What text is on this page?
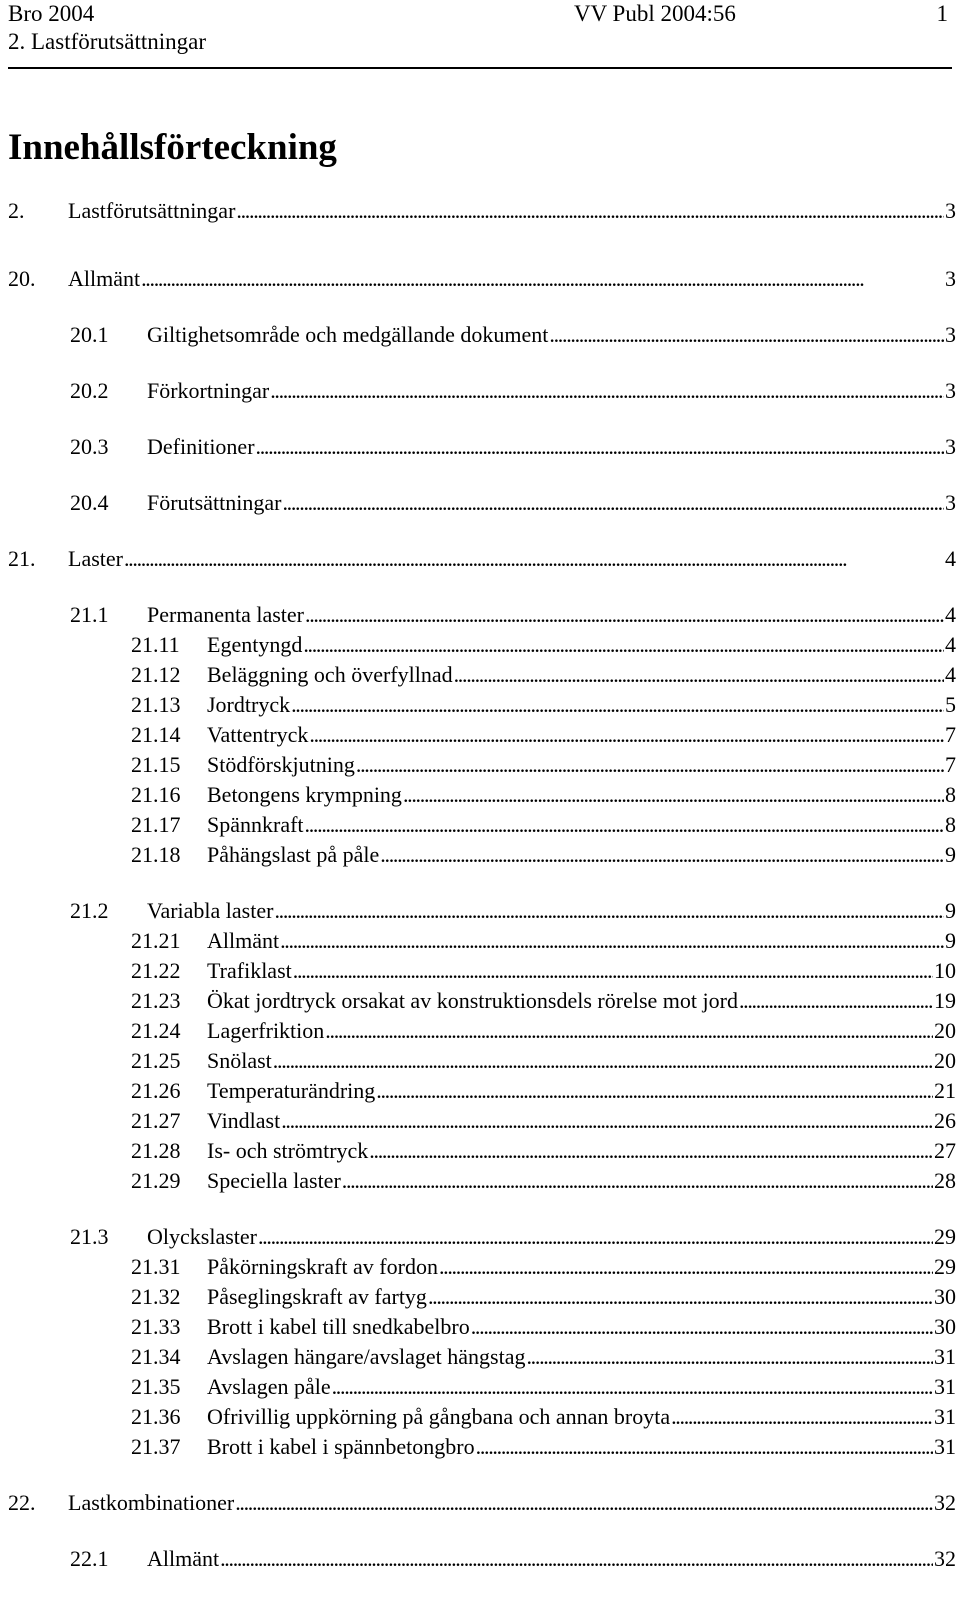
Bro 2004
2. Lastförutsättningar
VV Publ 2004:56	1
Innehållsförteckning
2.	Lastförutsättningar . . .	3
20.	Allmänt . . .	3
20.1	Giltighetsområde och medgällande dokument . . .	3
20.2	Förkortningar . . .	3
20.3	Definitioner . . .	3
20.4	Förutsättningar . . .	3
21.	Laster . . .	4
21.1	Permanenta laster . . .	4
21.11	Egentyngd . . .	4
21.12	Beläggning och överfyllnad . . .	4
21.13	Jordtryck . . .	5
21.14	Vattentryck . . .	7
21.15	Stödförskjutning . . .	7
21.16	Betongens krympning . . .	8
21.17	Spännkraft . . .	8
21.18	Påhängslast på påle . . .	9
21.2	Variabla laster . . .	9
21.21	Allmänt . . .	9
21.22	Trafiklast . . .	10
21.23	Ökat jordtryck orsakat av konstruktionsdels rörelse mot jord . . .	19
21.24	Lagerfriktion . . .	20
21.25	Snölast . . .	20
21.26	Temperaturändring . . .	21
21.27	Vindlast . . .	26
21.28	Is- och strömtryck . . .	27
21.29	Speciella laster . . .	28
21.3	Olyckslaster . . .	29
21.31	Påkörningskraft av fordon . . .	29
21.32	Påseglingskraft av fartyg . . .	30
21.33	Brott i kabel till snedkabelbro . . .	30
21.34	Avslagen hängare/avslaget hängstag . . .	31
21.35	Avslagen påle . . .	31
21.36	Ofrivillig uppkörning på gångbana och annan broyta . . .	31
21.37	Brott i kabel i spännbetongbro . . .	31
22.	Lastkombinationer . . .	32
22.1	Allmänt . . .	32
